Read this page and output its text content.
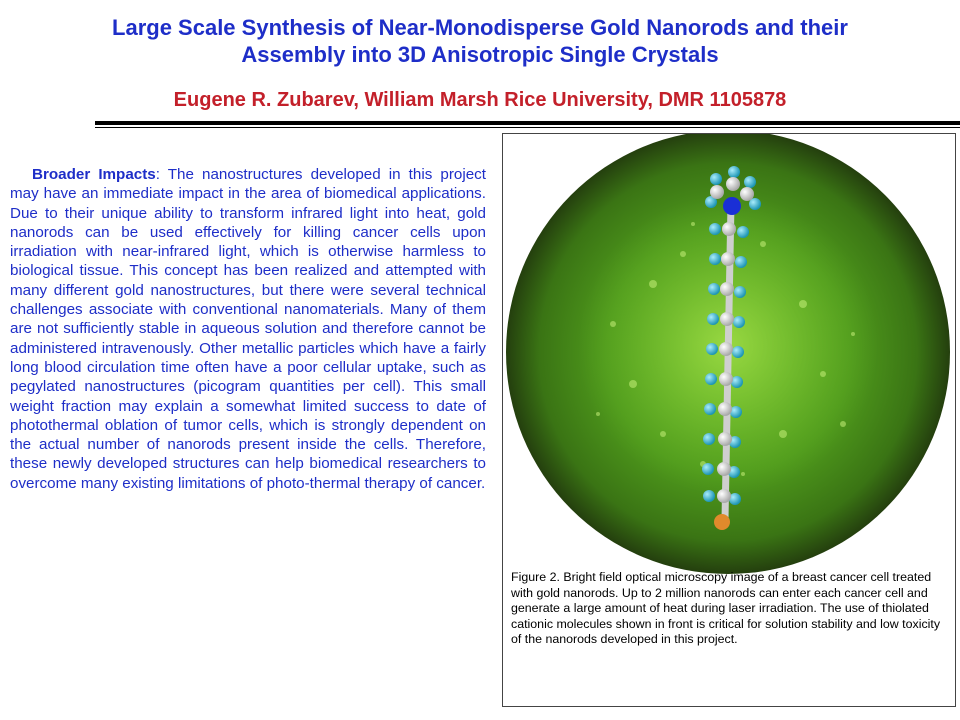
Large Scale Synthesis of Near-Monodisperse Gold Nanorods and their
Assembly into 3D Anisotropic Single Crystals
Eugene R. Zubarev, William Marsh Rice University, DMR 1105878
Broader Impacts: The nanostructures developed in this project may have an immediate impact in the area of biomedical applications. Due to their unique ability to transform infrared light into heat, gold nanorods can be used effectively for killing cancer cells upon irradiation with near-infrared light, which is otherwise harmless to biological tissue. This concept has been realized and attempted with many different gold nanostructures, but there were several technical challenges associate with conventional nanomaterials. Many of them are not sufficiently stable in aqueous solution and therefore cannot be administered intravenously. Other metallic particles which have a fairly long blood circulation time often have a poor cellular uptake, such as pegylated nanostructures (picogram quantities per cell). This small weight fraction may explain a somewhat limited success to date of photothermal oblation of tumor cells, which is strongly dependent on the actual number of nanorods present inside the cells. Therefore, these newly developed structures can help biomedical researchers to overcome many existing limitations of photo-thermal therapy of cancer.
Figure 2. Bright field optical microscopy image of a breast cancer cell treated with gold nanorods. Up to 2 million nanorods can enter each cancer cell and generate a large amount of heat during laser irradiation. The use of thiolated cationic molecules shown in front is critical for solution stability and low toxicity of the nanorods developed in this project.
